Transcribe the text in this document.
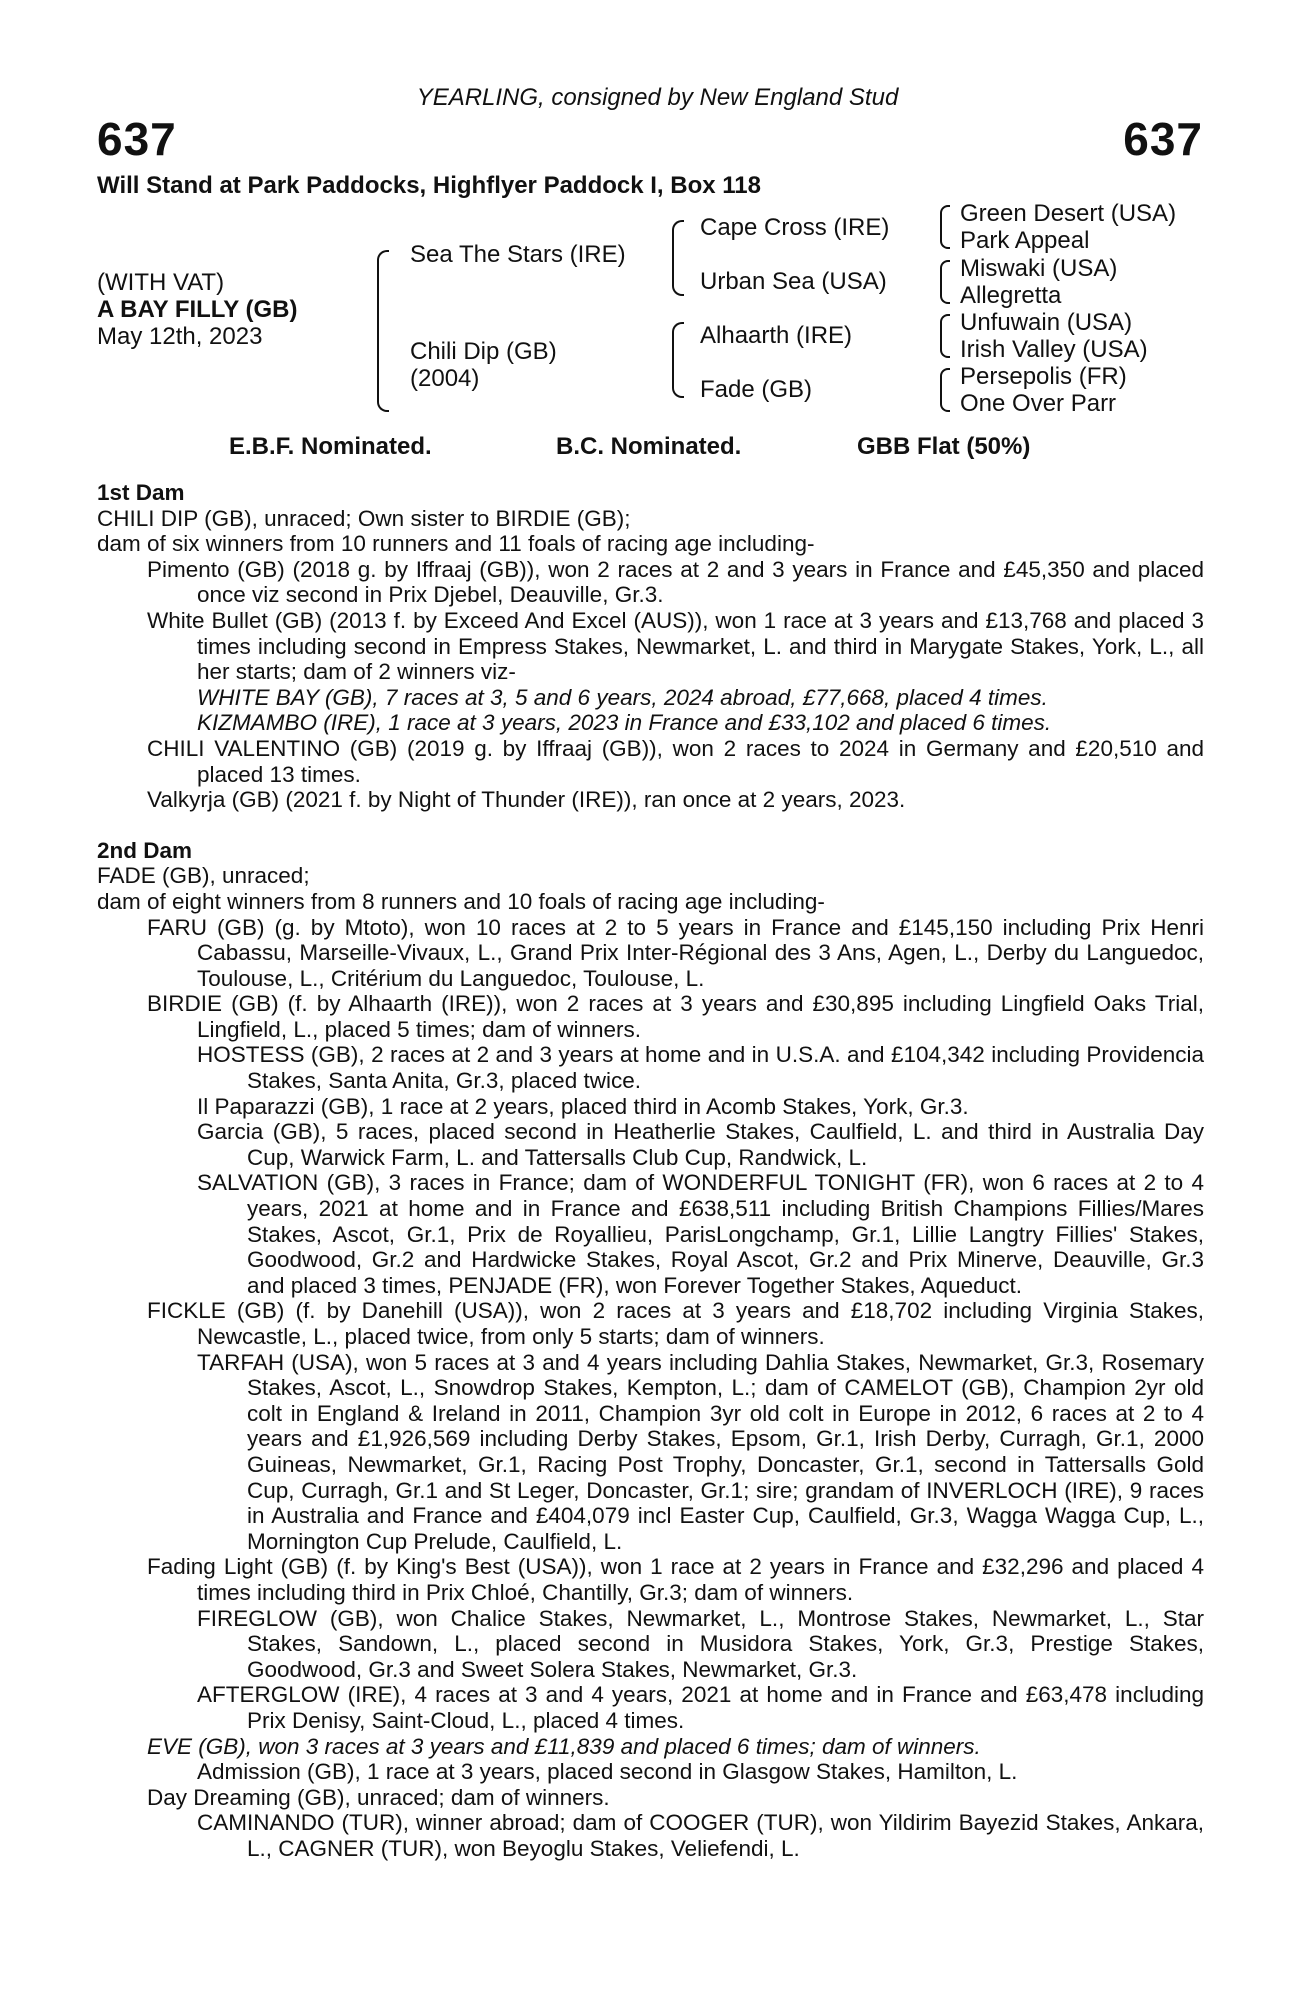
YEARLING, consigned by New England Stud
637	637
Will Stand at Park Paddocks, Highflyer Paddock I, Box 118
(WITH VAT)
A BAY FILLY (GB)
May 12th, 2023
Sea The Stars (IRE)
Chili Dip (GB)
(2004)
Cape Cross (IRE)
Urban Sea (USA)
Alhaarth (IRE)
Fade (GB)
Green Desert (USA)
Park Appeal
Miswaki (USA)
Allegretta
Unfuwain (USA)
Irish Valley (USA)
Persepolis (FR)
One Over Parr
E.B.F. Nominated.	B.C. Nominated.	GBB Flat (50%)

1st Dam

CHILI DIP (GB), unraced; Own sister to BIRDIE (GB);

dam of six winners from 10 runners and 11 foals of racing age including-

Pimento (GB) (2018 g. by Iffraaj (GB)), won 2 races at 2 and 3 years in France and £45,350 and placed once viz second in Prix Djebel, Deauville, Gr.3.

White Bullet (GB) (2013 f. by Exceed And Excel (AUS)), won 1 race at 3 years and £13,768 and placed 3 times including second in Empress Stakes, Newmarket, L. and third in Marygate Stakes, York, L., all her starts; dam of 2 winners viz-

WHITE BAY (GB), 7 races at 3, 5 and 6 years, 2024 abroad, £77,668, placed 4 times.

KIZMAMBO (IRE), 1 race at 3 years, 2023 in France and £33,102 and placed 6 times.

CHILI VALENTINO (GB) (2019 g. by Iffraaj (GB)), won 2 races to 2024 in Germany and £20,510 and placed 13 times.

Valkyrja (GB) (2021 f. by Night of Thunder (IRE)), ran once at 2 years, 2023.

2nd Dam

FADE (GB), unraced;

dam of eight winners from 8 runners and 10 foals of racing age including-

FARU (GB) (g. by Mtoto), won 10 races at 2 to 5 years in France and £145,150 including Prix Henri Cabassu, Marseille-Vivaux, L., Grand Prix Inter-Régional des 3 Ans, Agen, L., Derby du Languedoc, Toulouse, L., Critérium du Languedoc, Toulouse, L.

BIRDIE (GB) (f. by Alhaarth (IRE)), won 2 races at 3 years and £30,895 including Lingfield Oaks Trial, Lingfield, L., placed 5 times; dam of winners.

HOSTESS (GB), 2 races at 2 and 3 years at home and in U.S.A. and £104,342 including Providencia Stakes, Santa Anita, Gr.3, placed twice.

Il Paparazzi (GB), 1 race at 2 years, placed third in Acomb Stakes, York, Gr.3.

Garcia (GB), 5 races, placed second in Heatherlie Stakes, Caulfield, L. and third in Australia Day Cup, Warwick Farm, L. and Tattersalls Club Cup, Randwick, L.

SALVATION (GB), 3 races in France; dam of WONDERFUL TONIGHT (FR), won 6 races at 2 to 4 years, 2021 at home and in France and £638,511 including British Champions Fillies/Mares Stakes, Ascot, Gr.1, Prix de Royallieu, ParisLongchamp, Gr.1, Lillie Langtry Fillies' Stakes, Goodwood, Gr.2 and Hardwicke Stakes, Royal Ascot, Gr.2 and Prix Minerve, Deauville, Gr.3 and placed 3 times, PENJADE (FR), won Forever Together Stakes, Aqueduct.

FICKLE (GB) (f. by Danehill (USA)), won 2 races at 3 years and £18,702 including Virginia Stakes, Newcastle, L., placed twice, from only 5 starts; dam of winners.

TARFAH (USA), won 5 races at 3 and 4 years including Dahlia Stakes, Newmarket, Gr.3, Rosemary Stakes, Ascot, L., Snowdrop Stakes, Kempton, L.; dam of CAMELOT (GB), Champion 2yr old colt in England & Ireland in 2011, Champion 3yr old colt in Europe in 2012, 6 races at 2 to 4 years and £1,926,569 including Derby Stakes, Epsom, Gr.1, Irish Derby, Curragh, Gr.1, 2000 Guineas, Newmarket, Gr.1, Racing Post Trophy, Doncaster, Gr.1, second in Tattersalls Gold Cup, Curragh, Gr.1 and St Leger, Doncaster, Gr.1; sire; grandam of INVERLOCH (IRE), 9 races in Australia and France and £404,079 incl Easter Cup, Caulfield, Gr.3, Wagga Wagga Cup, L., Mornington Cup Prelude, Caulfield, L.

Fading Light (GB) (f. by King's Best (USA)), won 1 race at 2 years in France and £32,296 and placed 4 times including third in Prix Chloé, Chantilly, Gr.3; dam of winners.

FIREGLOW (GB), won Chalice Stakes, Newmarket, L., Montrose Stakes, Newmarket, L., Star Stakes, Sandown, L., placed second in Musidora Stakes, York, Gr.3, Prestige Stakes, Goodwood, Gr.3 and Sweet Solera Stakes, Newmarket, Gr.3.

AFTERGLOW (IRE), 4 races at 3 and 4 years, 2021 at home and in France and £63,478 including Prix Denisy, Saint-Cloud, L., placed 4 times.

EVE (GB), won 3 races at 3 years and £11,839 and placed 6 times; dam of winners.

Admission (GB), 1 race at 3 years, placed second in Glasgow Stakes, Hamilton, L.

Day Dreaming (GB), unraced; dam of winners.

CAMINANDO (TUR), winner abroad; dam of COOGER (TUR), won Yildirim Bayezid Stakes, Ankara, L., CAGNER (TUR), won Beyoglu Stakes, Veliefendi, L.
